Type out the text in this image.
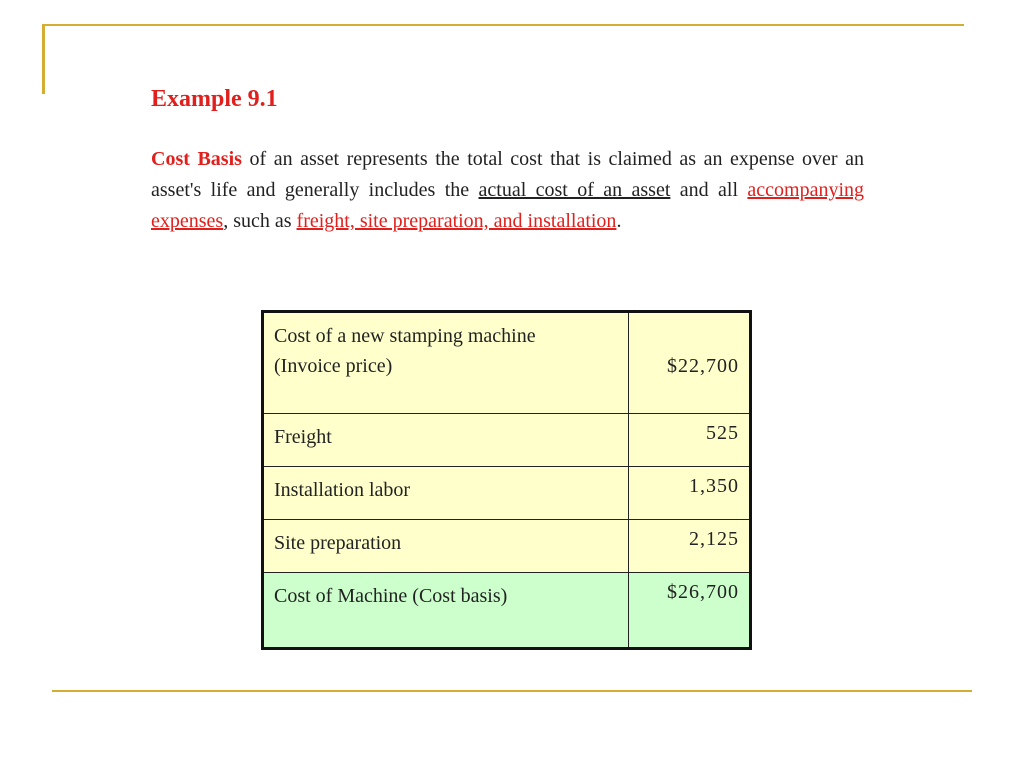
Example 9.1
Cost Basis of an asset represents the total cost that is claimed as an expense over an asset's life and generally includes the actual cost of an asset and all accompanying expenses, such as freight, site preparation, and installation.
Cost of a new stamping machine
(Invoice price)	$22,700
Freight	525
Installation labor	1,350
Site preparation	2,125
Cost of Machine (Cost basis)	$26,700
